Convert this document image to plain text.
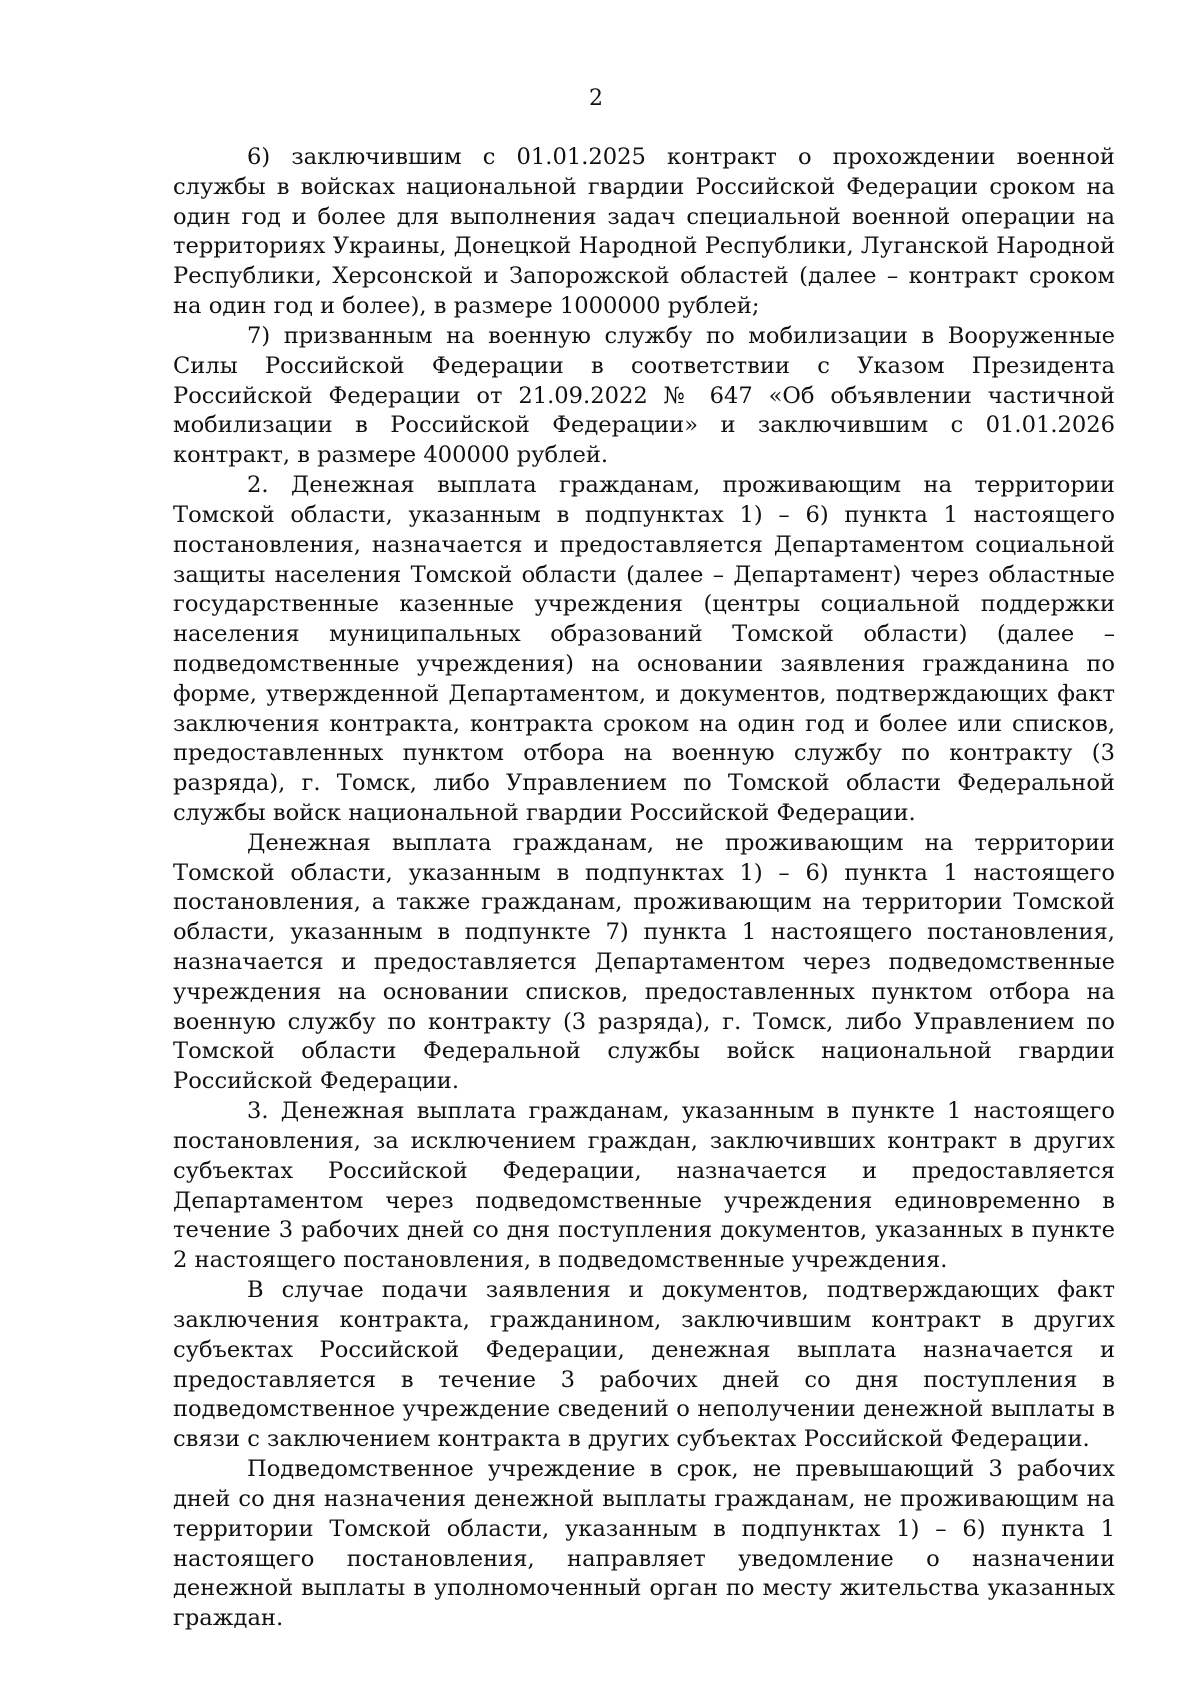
2

6) заключившим с 01.01.2025 контракт о прохождении военной службы в войсках национальной гвардии Российской Федерации сроком на один год и более для выполнения задач специальной военной операции на территориях Украины, Донецкой Народной Республики, Луганской Народной Республики, Херсонской и Запорожской областей (далее – контракт сроком на один год и более), в размере 1000000 рублей;

7) призванным на военную службу по мобилизации в Вооруженные Силы Российской Федерации в соответствии с Указом Президента Российской Федерации от 21.09.2022 № 647 «Об объявлении частичной мобилизации в Российской Федерации» и заключившим с 01.01.2026 контракт, в размере 400000 рублей.

2. Денежная выплата гражданам, проживающим на территории Томской области, указанным в подпунктах 1) – 6) пункта 1 настоящего постановления, назначается и предоставляется Департаментом социальной защиты населения Томской области (далее – Департамент) через областные государственные казенные учреждения (центры социальной поддержки населения муниципальных образований Томской области) (далее – подведомственные учреждения) на основании заявления гражданина по форме, утвержденной Департаментом, и документов, подтверждающих факт заключения контракта, контракта сроком на один год и более или списков, предоставленных пунктом отбора на военную службу по контракту (3 разряда), г. Томск, либо Управлением по Томской области Федеральной службы войск национальной гвардии Российской Федерации.

Денежная выплата гражданам, не проживающим на территории Томской области, указанным в подпунктах 1) – 6) пункта 1 настоящего постановления, а также гражданам, проживающим на территории Томской области, указанным в подпункте 7) пункта 1 настоящего постановления, назначается и предоставляется Департаментом через подведомственные учреждения на основании списков, предоставленных пунктом отбора на военную службу по контракту (3 разряда), г. Томск, либо Управлением по Томской области Федеральной службы войск национальной гвардии Российской Федерации.

3. Денежная выплата гражданам, указанным в пункте 1 настоящего постановления, за исключением граждан, заключивших контракт в других субъектах Российской Федерации, назначается и предоставляется Департаментом через подведомственные учреждения единовременно в течение 3 рабочих дней со дня поступления документов, указанных в пункте 2 настоящего постановления, в подведомственные учреждения.

В случае подачи заявления и документов, подтверждающих факт заключения контракта, гражданином, заключившим контракт в других субъектах Российской Федерации, денежная выплата назначается и предоставляется в течение 3 рабочих дней со дня поступления в подведомственное учреждение сведений о неполучении денежной выплаты в связи с заключением контракта в других субъектах Российской Федерации.

Подведомственное учреждение в срок, не превышающий 3 рабочих дней со дня назначения денежной выплаты гражданам, не проживающим на территории Томской области, указанным в подпунктах 1) – 6) пункта 1 настоящего постановления, направляет уведомление о назначении денежной выплаты в уполномоченный орган по месту жительства указанных граждан.
